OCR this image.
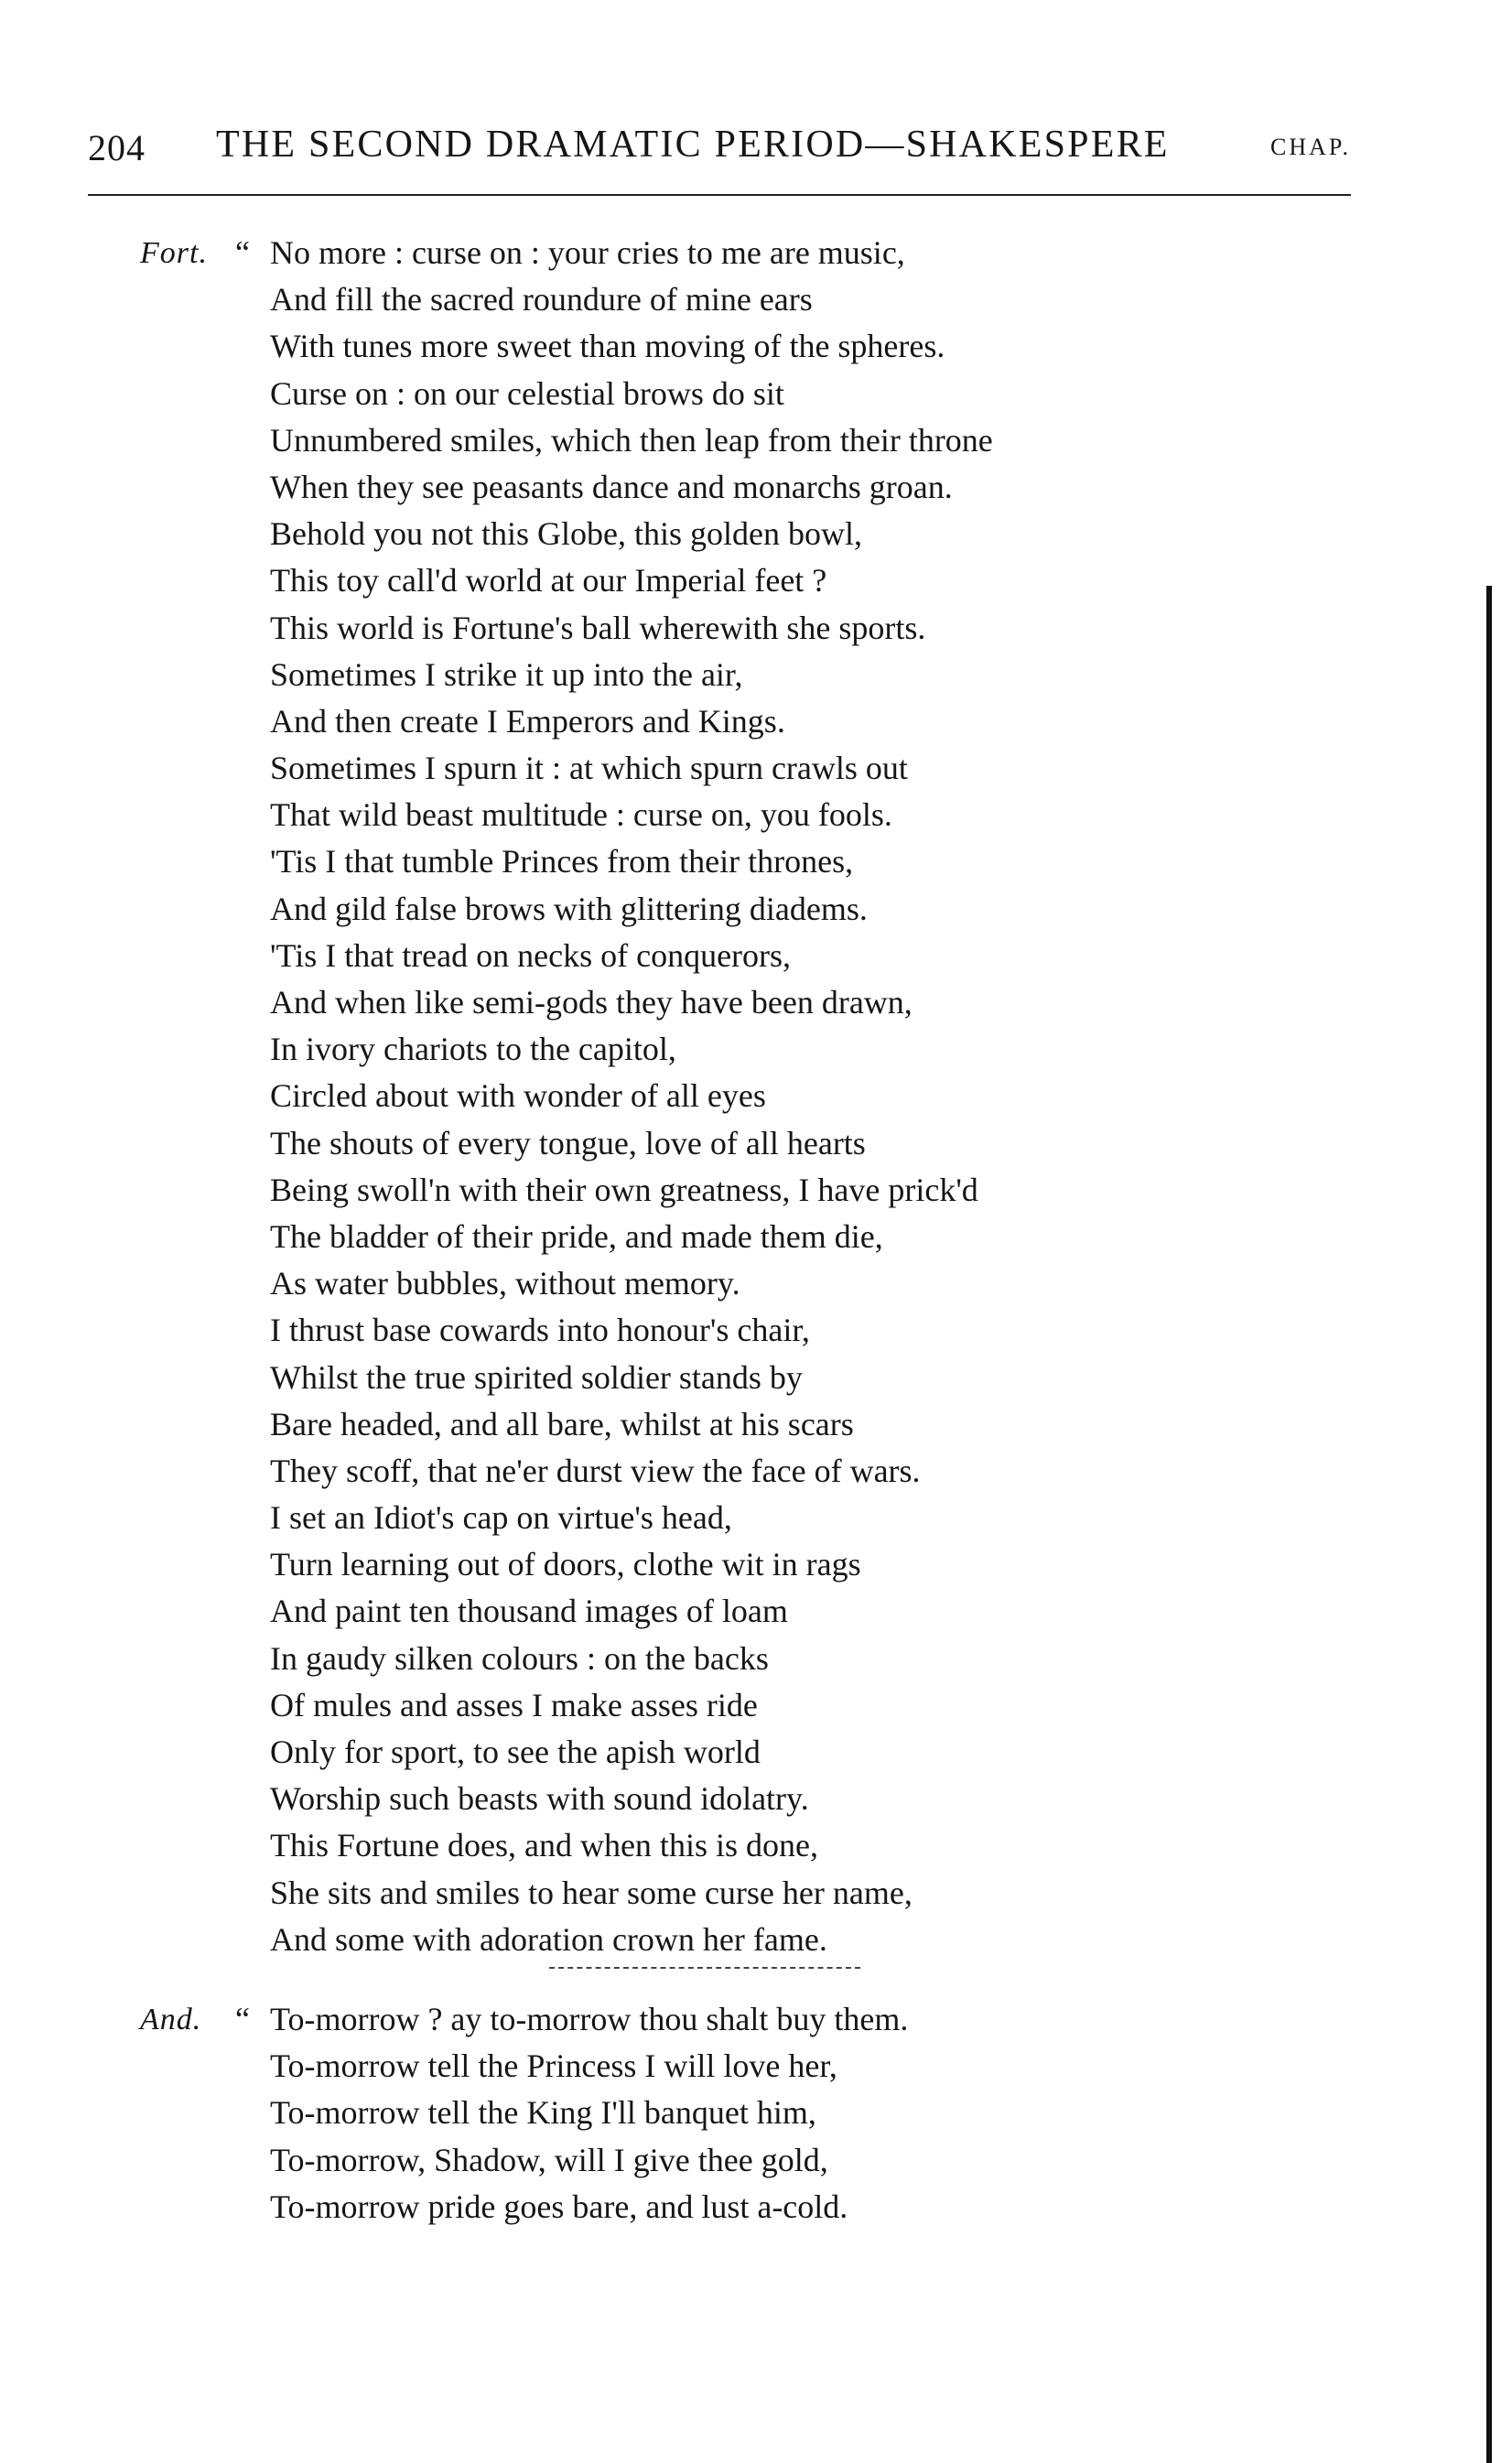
204 THE SECOND DRAMATIC PERIOD—SHAKESPERE	CHAP.
Fort. “ No more : curse on : your cries to me are music,
And fill the sacred roundure of mine ears
With tunes more sweet than moving of the spheres.
Curse on : on our celestial brows do sit
Unnumbered smiles, which then leap from their throne
When they see peasants dance and monarchs groan.
Behold you not this Globe, this golden bowl,
This toy call'd world at our Imperial feet ?
This world is Fortune's ball wherewith she sports.
Sometimes I strike it up into the air,
And then create I Emperors and Kings.
Sometimes I spurn it : at which spurn crawls out
That wild beast multitude : curse on, you fools.
'Tis I that tumble Princes from their thrones,
And gild false brows with glittering diadems.
'Tis I that tread on necks of conquerors,
And when like semi-gods they have been drawn,
In ivory chariots to the capitol,
Circled about with wonder of all eyes
The shouts of every tongue, love of all hearts
Being swoll'n with their own greatness, I have prick'd
The bladder of their pride, and made them die,
As water bubbles, without memory.
I thrust base cowards into honour's chair,
Whilst the true spirited soldier stands by
Bare headed, and all bare, whilst at his scars
They scoff, that ne'er durst view the face of wars.
I set an Idiot's cap on virtue's head,
Turn learning out of doors, clothe wit in rags
And paint ten thousand images of loam
In gaudy silken colours : on the backs
Of mules and asses I make asses ride
Only for sport, to see the apish world
Worship such beasts with sound idolatry.
This Fortune does, and when this is done,
She sits and smiles to hear some curse her name,
And some with adoration crown her fame.
And. “ To-morrow ? ay to-morrow thou shalt buy them.
To-morrow tell the Princess I will love her,
To-morrow tell the King I'll banquet him,
To-morrow, Shadow, will I give thee gold,
To-morrow pride goes bare, and lust a-cold.
